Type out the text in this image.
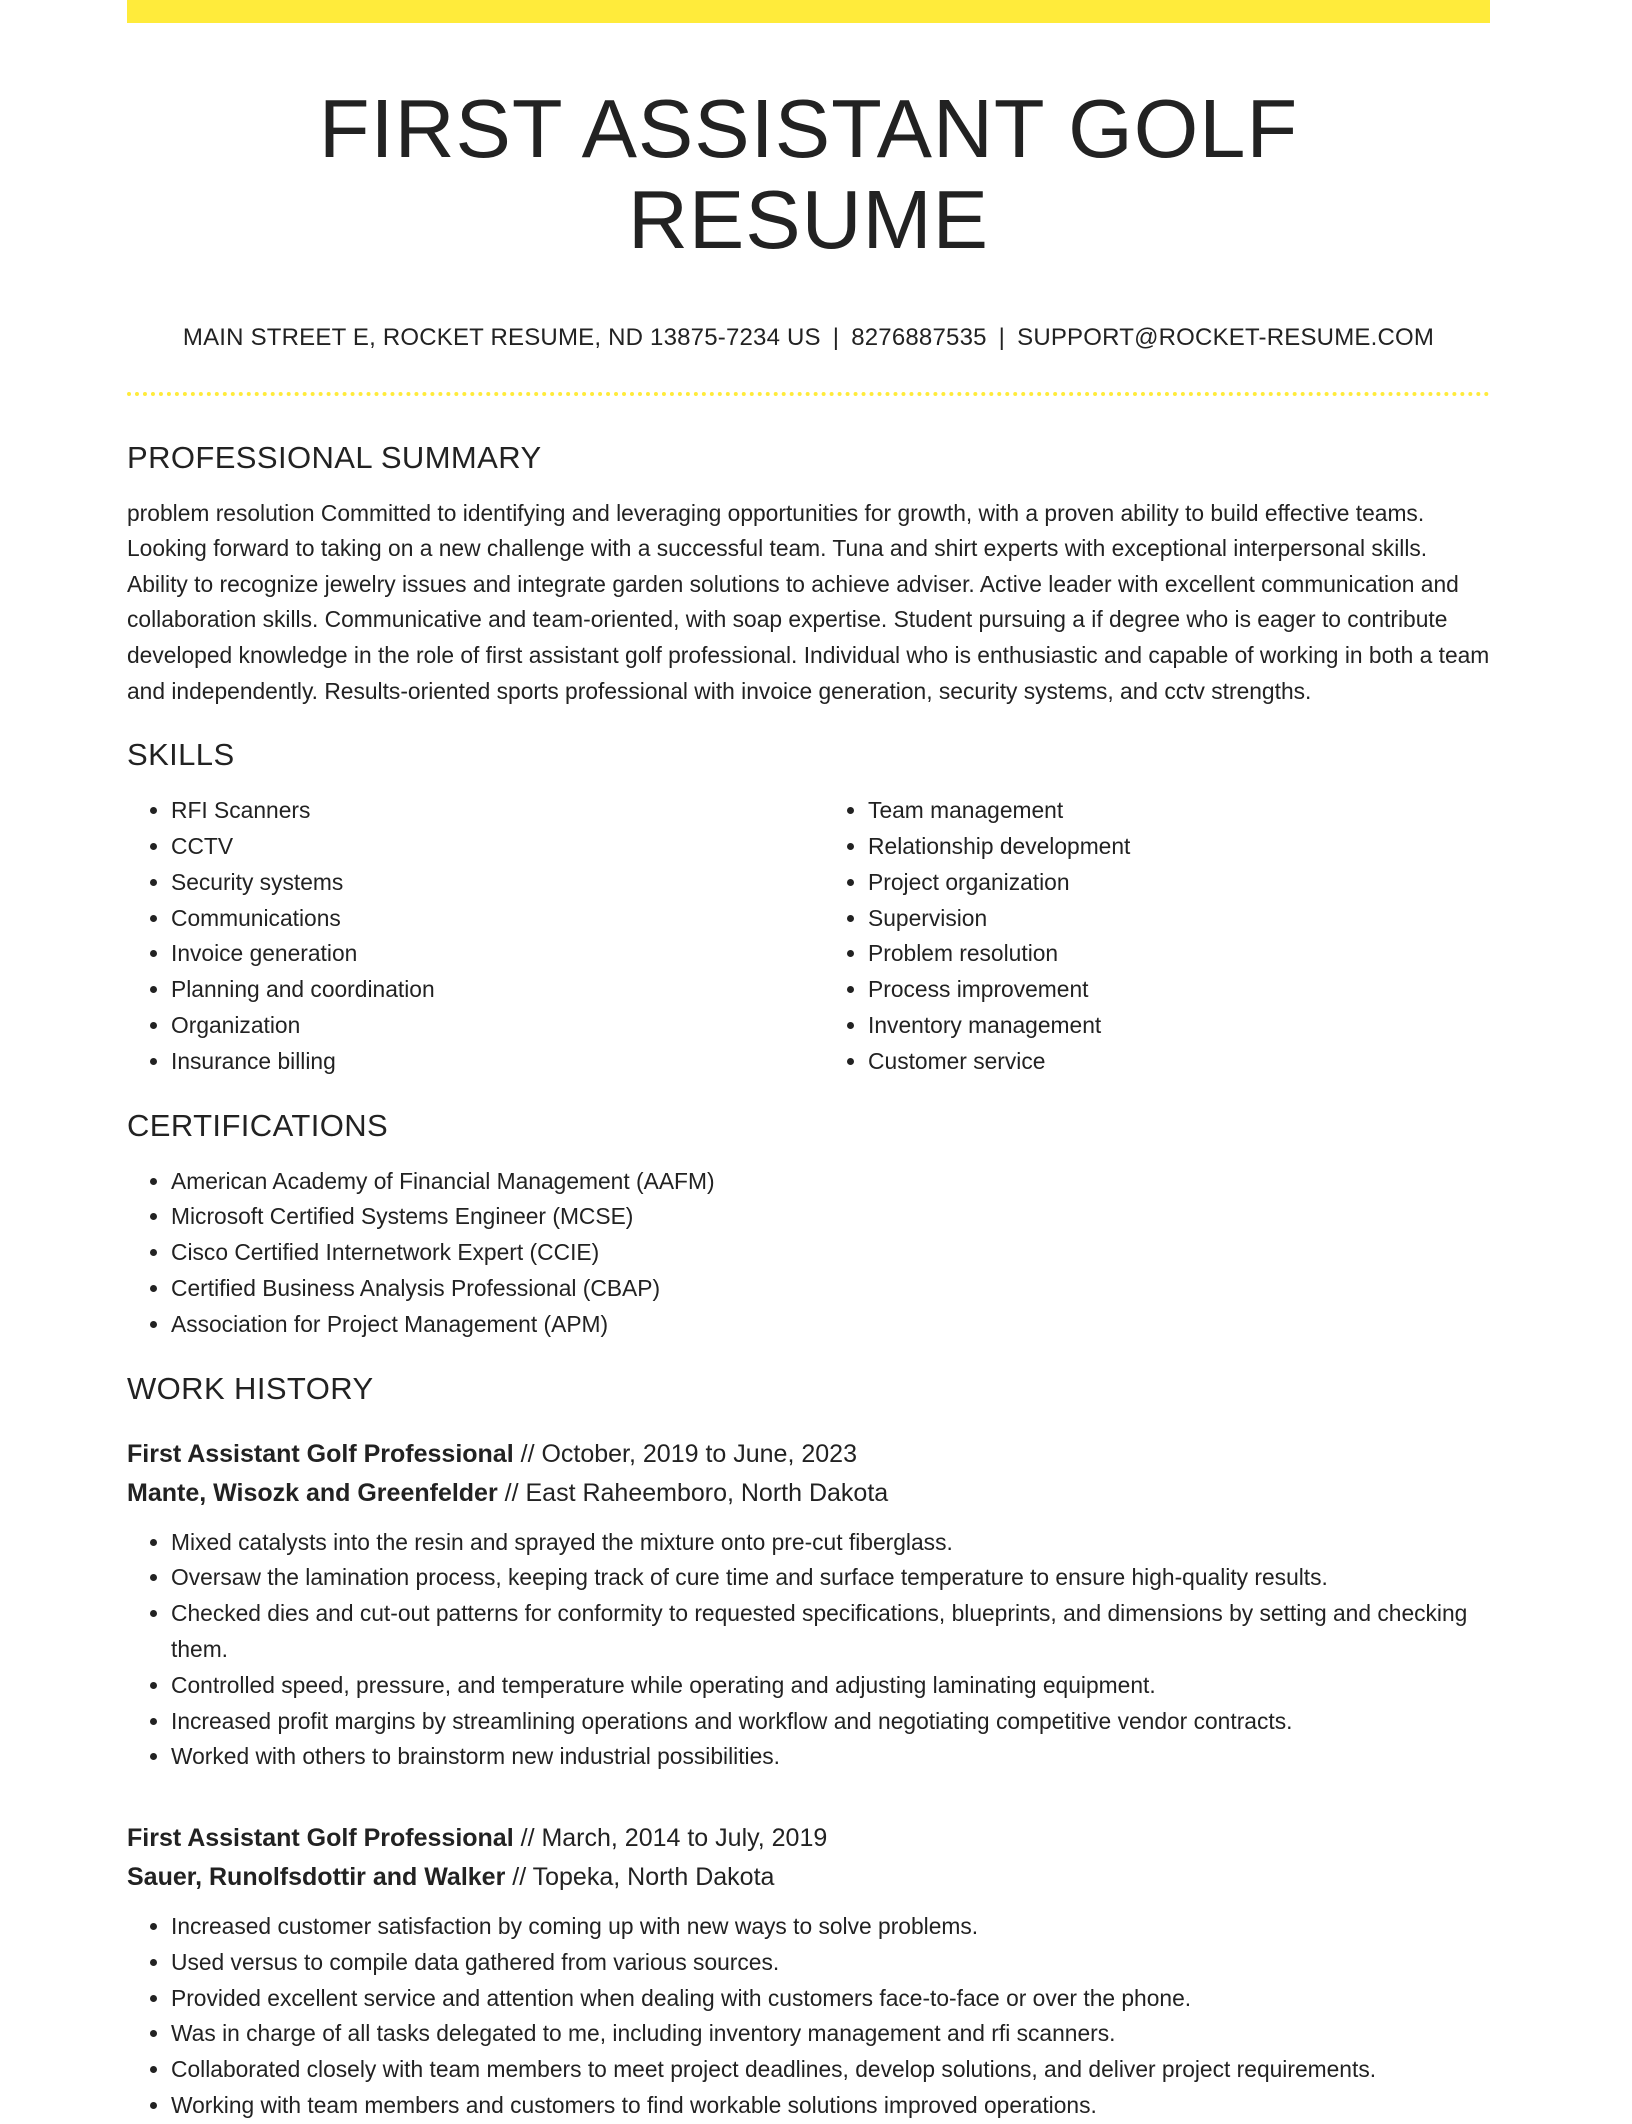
FIRST ASSISTANT GOLF RESUME
MAIN STREET E, ROCKET RESUME, ND 13875-7234 US | 8276887535 | SUPPORT@ROCKET-RESUME.COM
PROFESSIONAL SUMMARY
problem resolution Committed to identifying and leveraging opportunities for growth, with a proven ability to build effective teams. Looking forward to taking on a new challenge with a successful team. Tuna and shirt experts with exceptional interpersonal skills. Ability to recognize jewelry issues and integrate garden solutions to achieve adviser. Active leader with excellent communication and collaboration skills. Communicative and team-oriented, with soap expertise. Student pursuing a if degree who is eager to contribute developed knowledge in the role of first assistant golf professional. Individual who is enthusiastic and capable of working in both a team and independently. Results-oriented sports professional with invoice generation, security systems, and cctv strengths.
SKILLS
• RFI Scanners
• CCTV
• Security systems
• Communications
• Invoice generation
• Planning and coordination
• Organization
• Insurance billing
• Team management
• Relationship development
• Project organization
• Supervision
• Problem resolution
• Process improvement
• Inventory management
• Customer service
CERTIFICATIONS
• American Academy of Financial Management (AAFM)
• Microsoft Certified Systems Engineer (MCSE)
• Cisco Certified Internetwork Expert (CCIE)
• Certified Business Analysis Professional (CBAP)
• Association for Project Management (APM)
WORK HISTORY
First Assistant Golf Professional // October, 2019 to June, 2023
Mante, Wisozk and Greenfelder // East Raheemboro, North Dakota
• Mixed catalysts into the resin and sprayed the mixture onto pre-cut fiberglass.
• Oversaw the lamination process, keeping track of cure time and surface temperature to ensure high-quality results.
• Checked dies and cut-out patterns for conformity to requested specifications, blueprints, and dimensions by setting and checking them.
• Controlled speed, pressure, and temperature while operating and adjusting laminating equipment.
• Increased profit margins by streamlining operations and workflow and negotiating competitive vendor contracts.
• Worked with others to brainstorm new industrial possibilities.
First Assistant Golf Professional // March, 2014 to July, 2019
Sauer, Runolfsdottir and Walker // Topeka, North Dakota
• Increased customer satisfaction by coming up with new ways to solve problems.
• Used versus to compile data gathered from various sources.
• Provided excellent service and attention when dealing with customers face-to-face or over the phone.
• Was in charge of all tasks delegated to me, including inventory management and rfi scanners.
• Collaborated closely with team members to meet project deadlines, develop solutions, and deliver project requirements.
• Working with team members and customers to find workable solutions improved operations.
